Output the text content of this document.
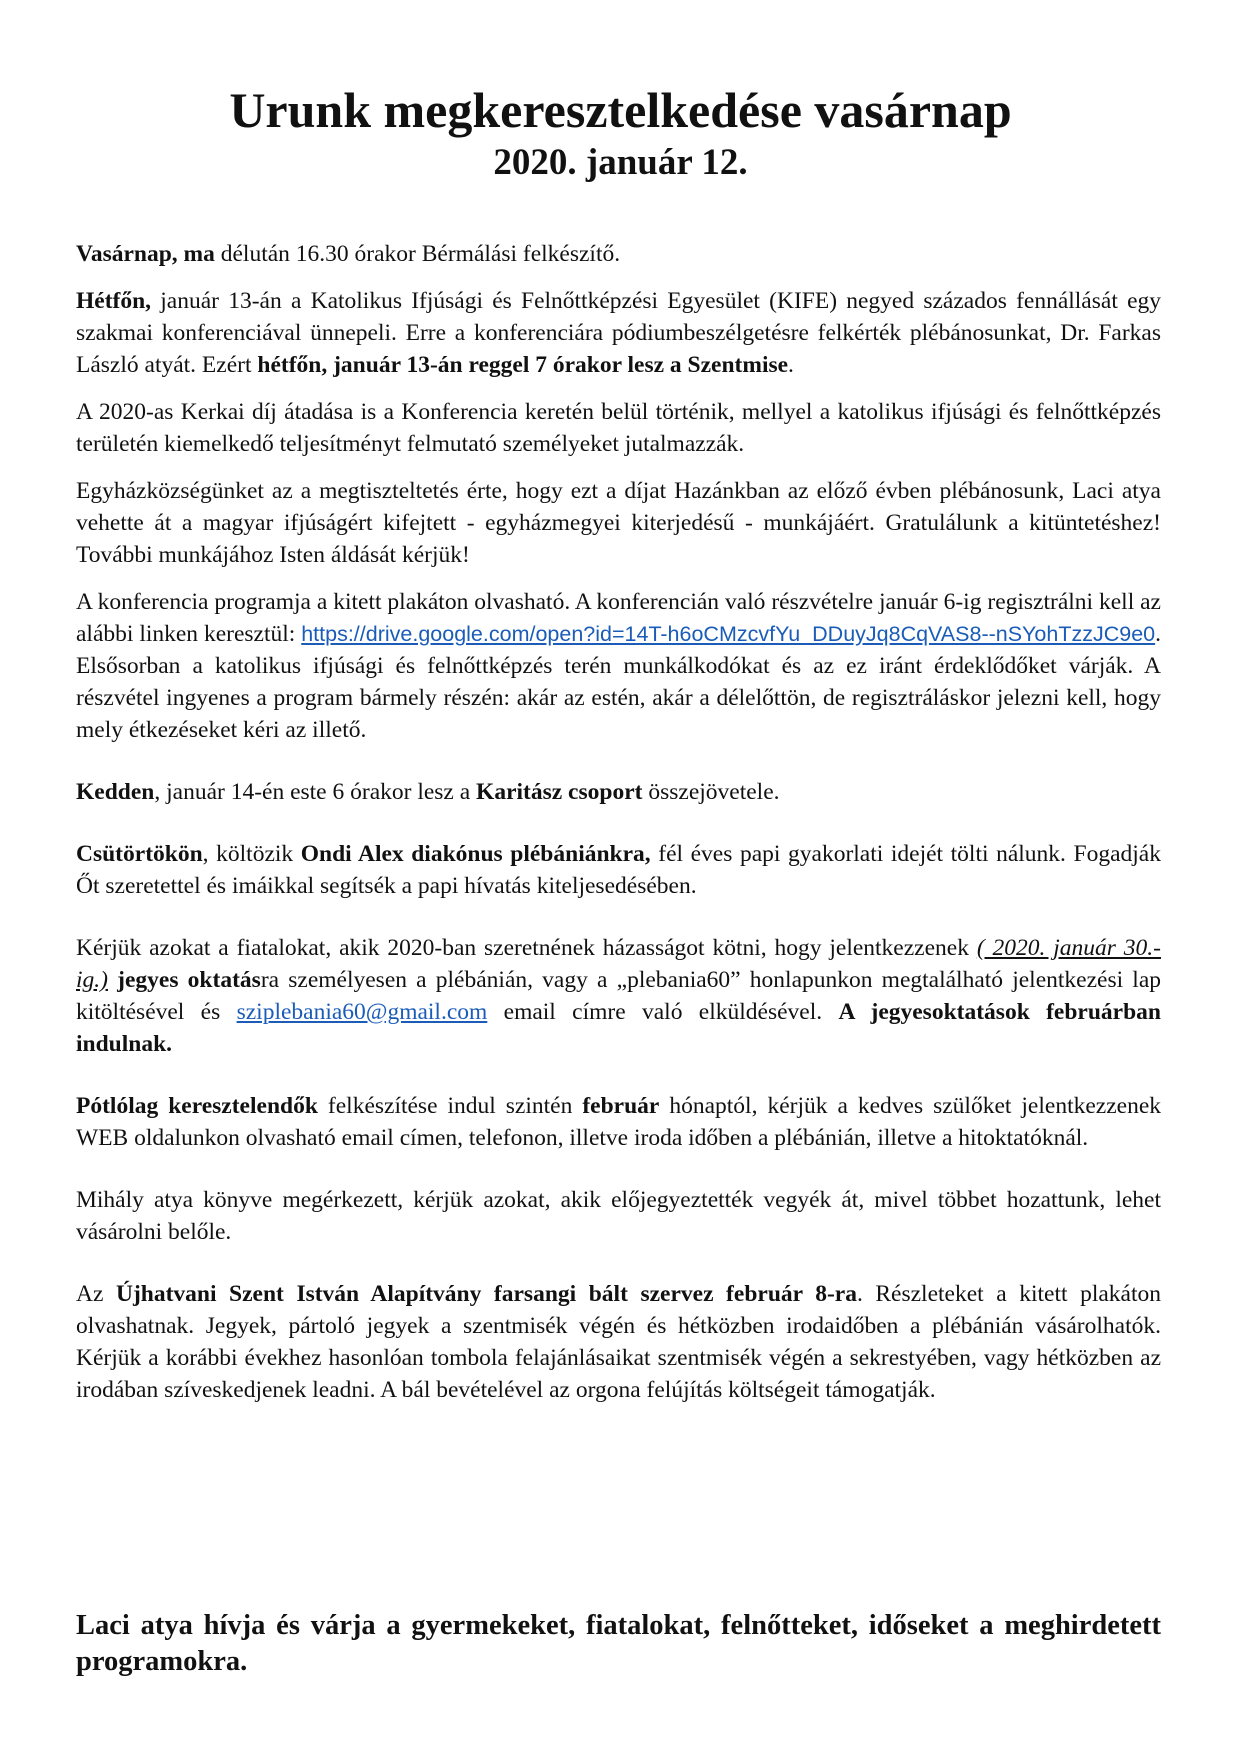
Urunk megkeresztelkedése vasárnap
2020. január 12.

Vasárnap, ma délután 16.30 órakor Bérmálási felkészítő.

Hétfőn, január 13-án a Katolikus Ifjúsági és Felnőttképzési Egyesület (KIFE) negyed százados fennállását egy szakmai konferenciával ünnepeli. Erre a konferenciára pódiumbeszélgetésre felkérték plébánosunkat, Dr. Farkas László atyát. Ezért hétfőn, január 13-án reggel 7 órakor lesz a Szentmise.

A 2020-as Kerkai díj átadása is a Konferencia keretén belül történik, mellyel a katolikus ifjúsági és felnőttképzés területén kiemelkedő teljesítményt felmutató személyeket jutalmazzák.

Egyházközségünket az a megtiszteltetés érte, hogy ezt a díjat Hazánkban az előző évben plébánosunk, Laci atya vehette át a magyar ifjúságért kifejtett - egyházmegyei kiterjedésű - munkájáért. Gratulálunk a kitüntetéshez! További munkájához Isten áldását kérjük!

A konferencia programja a kitett plakáton olvasható. A konferencián való részvételre január 6-ig regisztrálni kell az alábbi linken keresztül: https://drive.google.com/open?id=14T-h6oCMzcvfYu_DDuyJq8CqVAS8--nSYohTzzJC9e0. Elsősorban a katolikus ifjúsági és felnőttképzés terén munkálkodókat és az ez iránt érdeklődőket várják. A részvétel ingyenes a program bármely részén: akár az estén, akár a délelőttön, de regisztráláskor jelezni kell, hogy mely étkezéseket kéri az illető.

Kedden, január 14-én este 6 órakor lesz a Karitász csoport összejövetele.

Csütörtökön, költözik Ondi Alex diakónus plébániánkra, fél éves papi gyakorlati idejét tölti nálunk. Fogadják Őt szeretettel és imáikkal segítsék a papi hívatás kiteljesedésében.

Kérjük azokat a fiatalokat, akik 2020-ban szeretnének házasságot kötni, hogy jelentkezzenek ( 2020. január 30.-ig.) jegyes oktatásra személyesen a plébánián, vagy a „plebania60” honlapunkon megtalálható jelentkezési lap kitöltésével és sziplebania60@gmail.com email címre való elküldésével. A jegyesoktatások februárban indulnak.

Pótlólag keresztelendők felkészítése indul szintén február hónaptól, kérjük a kedves szülőket jelentkezzenek WEB oldalunkon olvasható email címen, telefonon, illetve iroda időben a plébánián, illetve a hitoktatóknál.

Mihály atya könyve megérkezett, kérjük azokat, akik előjegyeztették vegyék át, mivel többet hozattunk, lehet vásárolni belőle.

Az Újhatvani Szent István Alapítvány farsangi bált szervez február 8-ra. Részleteket a kitett plakáton olvashatnak. Jegyek, pártoló jegyek a szentmisék végén és hétközben irodaidőben a plébánián vásárolhatók. Kérjük a korábbi évekhez hasonlóan tombola felajánlásaikat szentmisék végén a sekrestyében, vagy hétközben az irodában szíveskedjenek leadni. A bál bevételével az orgona felújítás költségeit támogatják.

Laci atya hívja és várja a gyermekeket, fiatalokat, felnőtteket, időseket a meghirdetett programokra.
